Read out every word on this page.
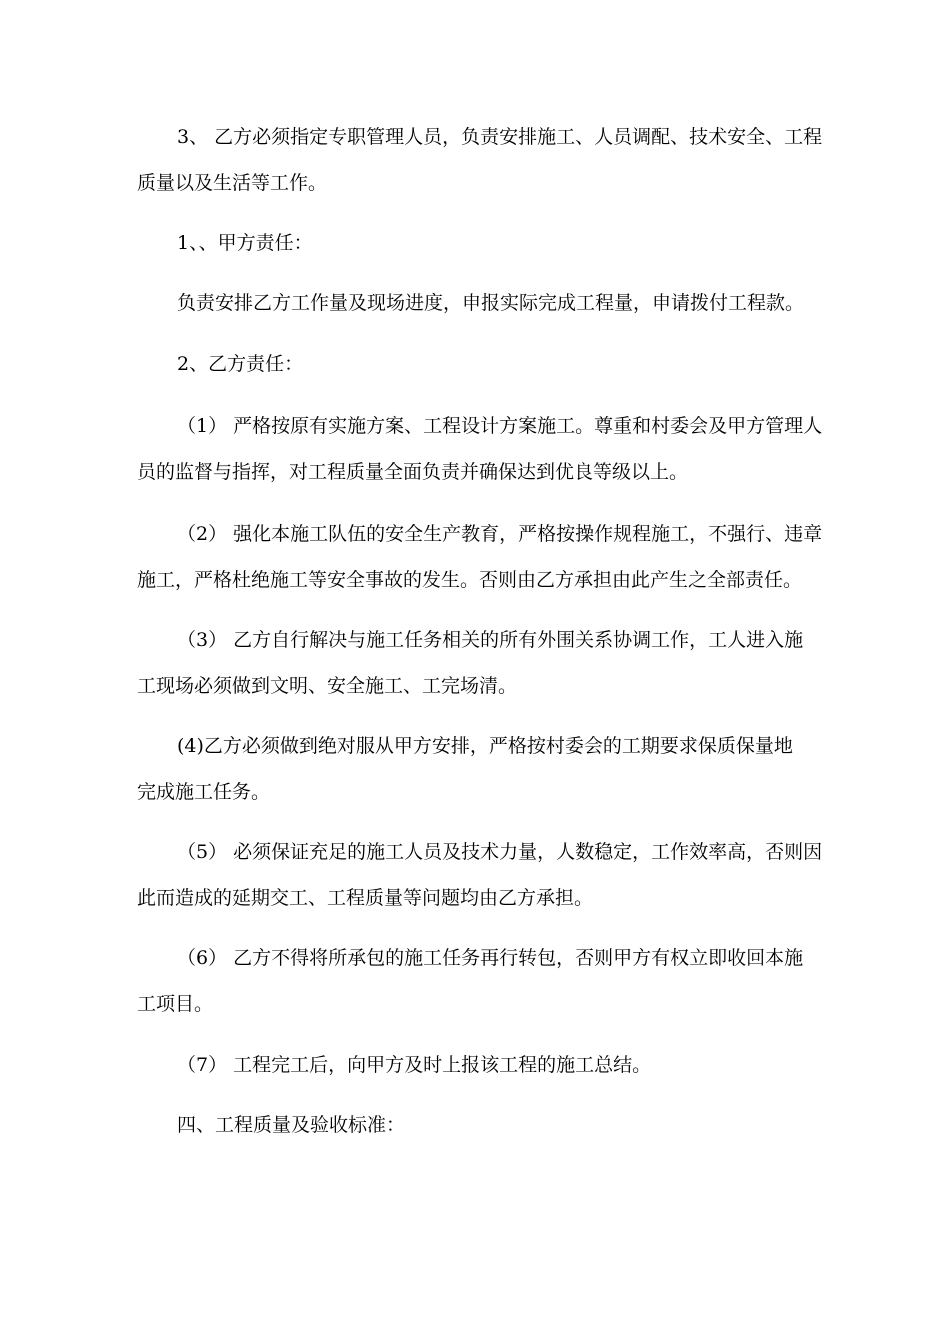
3、 乙方必须指定专职管理人员，负责安排施工、人员调配、技术安全、工程
质量以及生活等工作。

1、、甲方责任：

负责安排乙方工作量及现场进度，申报实际完成工程量，申请拨付工程款。

2、乙方责任：

（1） 严格按原有实施方案、工程设计方案施工。尊重和村委会及甲方管理人
员的监督与指挥，对工程质量全面负责并确保达到优良等级以上。

（2） 强化本施工队伍的安全生产教育，严格按操作规程施工，不强行、违章
施工，严格杜绝施工等安全事故的发生。否则由乙方承担由此产生之全部责任。

（3） 乙方自行解决与施工任务相关的所有外围关系协调工作，工人进入施
工现场必须做到文明、安全施工、工完场清。

(4)乙方必须做到绝对服从甲方安排，严格按村委会的工期要求保质保量地
完成施工任务。

（5） 必须保证充足的施工人员及技术力量，人数稳定，工作效率高，否则因
此而造成的延期交工、工程质量等问题均由乙方承担。

（6） 乙方不得将所承包的施工任务再行转包，否则甲方有权立即收回本施
工项目。

（7） 工程完工后，向甲方及时上报该工程的施工总结。

四、工程质量及验收标准：
